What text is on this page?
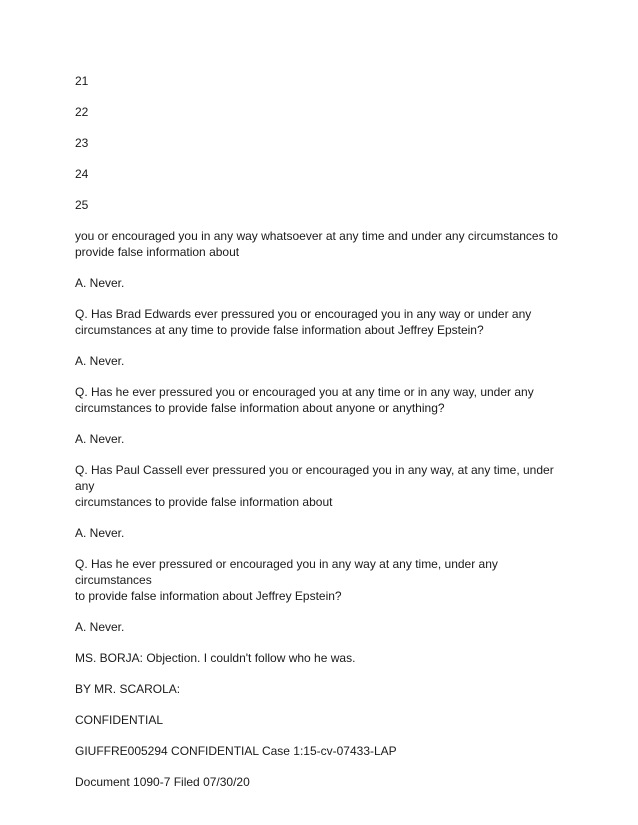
21
22
23
24
25

you or encouraged you in any way whatsoever at any time and under any circumstances to
provide false information about

A. Never.

Q. Has Brad Edwards ever pressured you or encouraged you in any way or under any
circumstances at any time to provide false information about Jeffrey Epstein?

A. Never.

Q. Has he ever pressured you or encouraged you at any time or in any way, under any
circumstances to provide false information about anyone or anything?

A. Never.

Q. Has Paul Cassell ever pressured you or encouraged you in any way, at any time, under any
circumstances to provide false information about

A. Never.

Q. Has he ever pressured or encouraged you in any way at any time, under any circumstances
to provide false information about Jeffrey Epstein?

A. Never.

MS. BORJA: Objection. I couldn't follow who he was.

BY MR. SCAROLA:

CONFIDENTIAL

GIUFFRE005294 CONFIDENTIAL Case 1:15-cv-07433-LAP

Document 1090-7 Filed 07/30/20
